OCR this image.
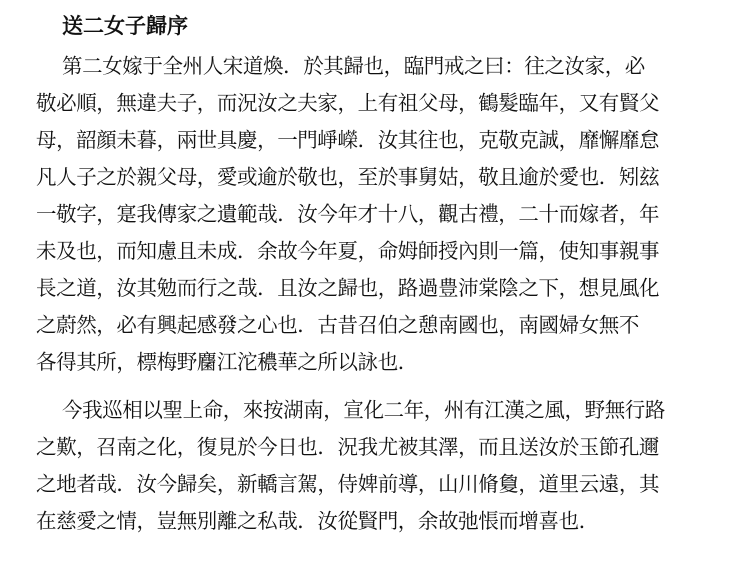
送二女子歸序
第二女嫁于全州人宋道煥．於其歸也，臨門戒之曰：往之汝家，必
敬必順，無違夫子，而況汝之夫家，上有祖父母，鶴髮臨年，又有賢父
母，韶顔未暮，兩世具慶，一門崢嶸．汝其往也，克敬克誠，靡懈靡怠
凡人子之於親父母，愛或逾於敬也，至於事舅姑，敬且逾於愛也．矧玆
一敬字，寔我傳家之遺範哉．汝今年才十八，觀古禮，二十而嫁者，年
未及也，而知慮且未成．余故今年夏，命姆師授內則一篇，使知事親事
長之道，汝其勉而行之哉．且汝之歸也，路過豊沛棠陰之下，想見風化
之蔚然，必有興起感發之心也．古昔召伯之憩南國也，南國婦女無不
各得其所，標梅野麕江沱穠華之所以詠也．
今我巡相以聖上命，來按湖南，宣化二年，州有江漢之風，野無行路
之歎，召南之化，復見於今日也．況我尤被其澤，而且送汝於玉節孔邇
之地者哉．汝今歸矣，新轎言駕，侍婢前導，山川脩敻，道里云遠，其
在慈愛之情，豈無別離之私哉．汝從賢門，余故弛悵而增喜也．
